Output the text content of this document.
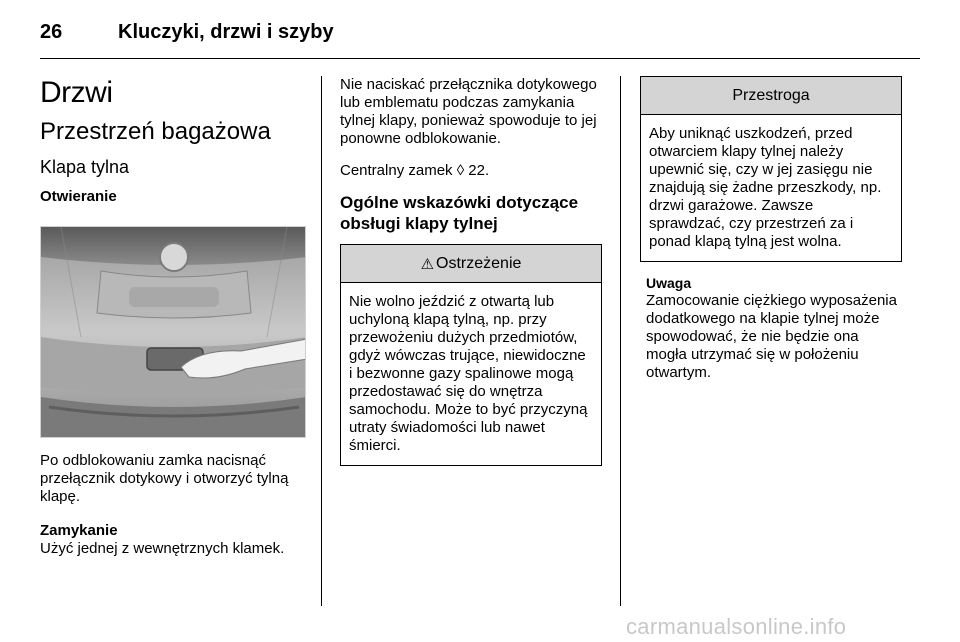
26	Kluczyki, drzwi i szyby
Drzwi
Przestrzeń bagażowa
Klapa tylna
Otwieranie
Po odblokowaniu zamka nacisnąć przełącznik dotykowy i otworzyć tylną klapę.
Zamykanie
Użyć jednej z wewnętrznych klamek.
Nie naciskać przełącznika dotykowego lub emblematu podczas zamykania tylnej klapy, ponieważ spowoduje to jej ponowne odblokowanie.
Centralny zamek ◊ 22.
Ogólne wskazówki dotyczące obsługi klapy tylnej
⚠ Ostrzeżenie
Nie wolno jeździć z otwartą lub uchyloną klapą tylną, np. przy przewożeniu dużych przedmiotów, gdyż wówczas trujące, niewidoczne i bezwonne gazy spalinowe mogą przedostawać się do wnętrza samochodu. Może to być przyczyną utraty świadomości lub nawet śmierci.
Przestroga
Aby uniknąć uszkodzeń, przed otwarciem klapy tylnej należy upewnić się, czy w jej zasięgu nie znajdują się żadne przeszkody, np. drzwi garażowe. Zawsze sprawdzać, czy przestrzeń za i ponad klapą tylną jest wolna.
Uwaga
Zamocowanie ciężkiego wyposażenia dodatkowego na klapie tylnej może spowodować, że nie będzie ona mogła utrzymać się w położeniu otwartym.
carmanualsonline.info
